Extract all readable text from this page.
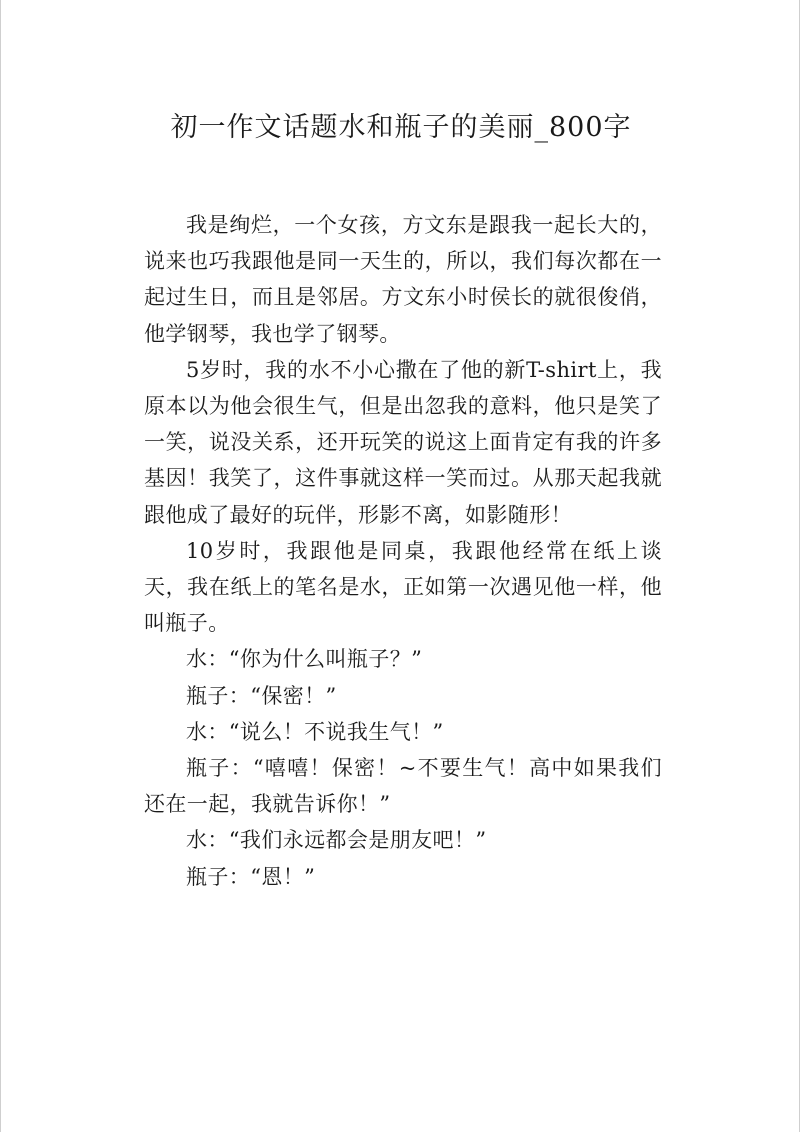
初一作文话题水和瓶子的美丽_800字

我是绚烂，一个女孩，方文东是跟我一起长大的，说来也巧我跟他是同一天生的，所以，我们每次都在一起过生日，而且是邻居。方文东小时侯长的就很俊俏，他学钢琴，我也学了钢琴。

5岁时，我的水不小心撒在了他的新T-shirt上，我原本以为他会很生气，但是出忽我的意料，他只是笑了一笑，说没关系，还开玩笑的说这上面肯定有我的许多基因！我笑了，这件事就这样一笑而过。从那天起我就跟他成了最好的玩伴，形影不离，如影随形！

10岁时，我跟他是同桌，我跟他经常在纸上谈天，我在纸上的笔名是水，正如第一次遇见他一样，他叫瓶子。

水：“你为什么叫瓶子？”

瓶子：“保密！”

水：“说么！不说我生气！”

瓶子：“嘻嘻！保密！~不要生气！高中如果我们还在一起，我就告诉你！”

水：“我们永远都会是朋友吧！”

瓶子：“恩！”
